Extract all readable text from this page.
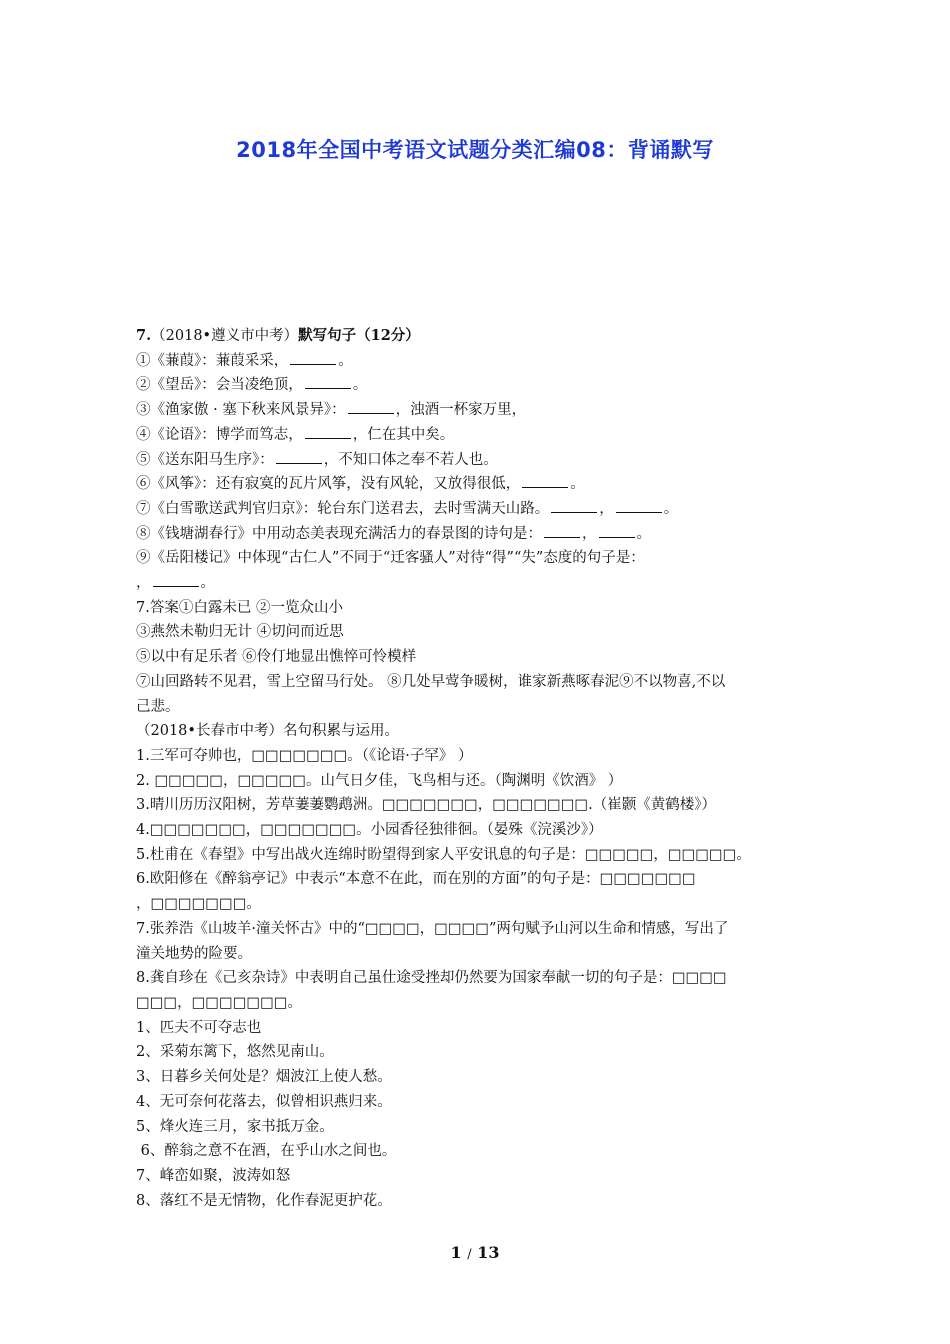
2018年全国中考语文试题分类汇编08：背诵默写
7.（2018•遵义市中考）默写句子（12分）
①《蒹葭》：蒹葭采采，	。
②《望岳》：会当凌绝顶，	。
③《渔家傲 · 塞下秋来风景异》：	，浊酒一杯家万里，
④《论语》：博学而笃志，	，仁在其中矣。
⑤《送东阳马生序》：	，不知口体之奉不若人也。
⑥《风筝》：还有寂寞的瓦片风筝，没有风轮，又放得很低，	。
⑦《白雪歌送武判官归京》：轮台东门送君去，去时雪满天山路。	，	。
⑧《钱塘湖春行》中用动态美表现充满活力的春景图的诗句是：	，	。
⑨《岳阳楼记》中体现“古仁人”不同于“迁客骚人”对待“得”“失”态度的句子是：
，	。
7.答案①白露未已 ②一览众山小
③燕然未勒归无计 ④切问而近思
⑤以中有足乐者 ⑥伶仃地显出憔悴可怜模样
⑦山回路转不见君，雪上空留马行处。 ⑧几处早莺争暖树，谁家新燕啄春泥⑨不以物喜,不以
己悲。
（2018•长春市中考）名句积累与运用。
1.三军可夺帅也，□□□□□□□。（《论语·子罕》 ）
2. □□□□□，□□□□□。山气日夕佳，飞鸟相与还。（陶渊明《饮酒》 ）
3.晴川历历汉阳树，芳草萋萋鹦鹉洲。□□□□□□□，□□□□□□□.（崔颢《黄鹤楼》）
4.□□□□□□□，□□□□□□□。小园香径独徘徊。（晏殊《浣溪沙》）
5.杜甫在《春望》中写出战火连绵时盼望得到家人平安讯息的句子是：□□□□□，□□□□□。
6.欧阳修在《醉翁亭记》中表示“本意不在此，而在别的方面”的句子是：□□□□□□□
，□□□□□□□。
7.张养浩《山坡羊·潼关怀古》中的“□□□□，□□□□”两句赋予山河以生命和情感，写出了
潼关地势的险要。
8.龚自珍在《己亥杂诗》中表明自己虽仕途受挫却仍然要为国家奉献一切的句子是：□□□□
□□□，□□□□□□□。
1、匹夫不可夺志也
2、采菊东篱下，悠然见南山。
3、日暮乡关何处是？烟波江上使人愁。
4、无可奈何花落去，似曾相识燕归来。
5、烽火连三月，家书抵万金。
6、醉翁之意不在酒，在乎山水之间也。
7、峰峦如聚，波涛如怒
8、落红不是无情物，化作春泥更护花。
1 / 13
